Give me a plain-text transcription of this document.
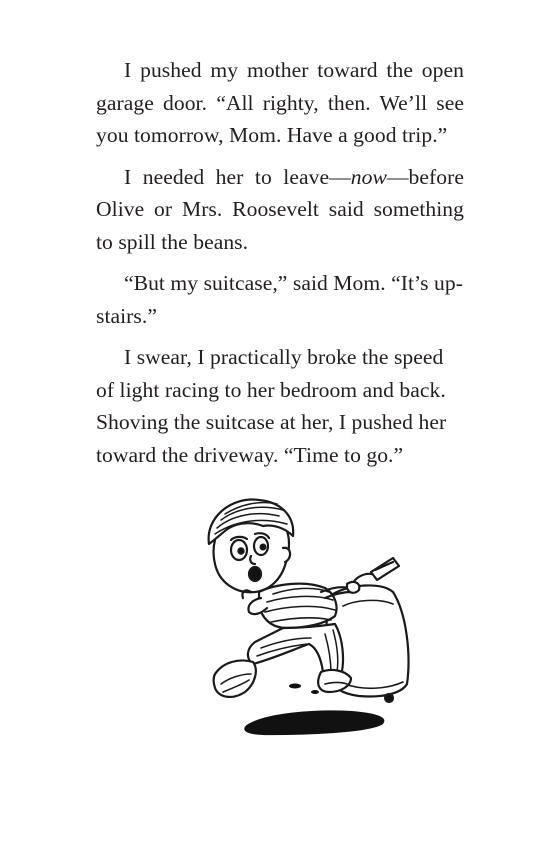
I pushed my mother toward the open garage door. “All righty, then. We’ll see you tomorrow, Mom. Have a good trip.”

I needed her to leave—now—before Olive or Mrs. Roosevelt said something to spill the beans.

“But my suitcase,” said Mom. “It’s upstairs.”

I swear, I practically broke the speed of light racing to her bedroom and back. Shoving the suitcase at her, I pushed her toward the driveway. “Time to go.”
